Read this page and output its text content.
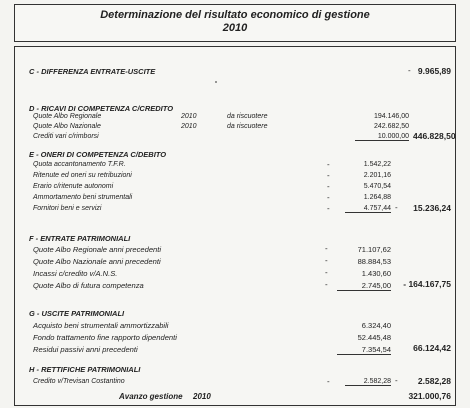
Determinazione del risultato economico di gestione
2010
C - DIFFERENZA ENTRATE-USCITE	- 9.965,89
D - RICAVI DI COMPETENZA C/CREDITO
Quote Albo Regionale	2010	da riscuotere	194.146,00
Quote Albo Nazionale	2010	da riscuotere	242.682,50
Crediti vari c/rimborsi	10.000,00 446.828,50
E - ONERI DI COMPETENZA C/DEBITO
Quota accantonamento T.F.R.	-	1.542,22
Ritenute ed oneri su retribuzioni	-	2.201,16
Erario c/ritenute autonomi	-	5.470,54
Ammortamento beni strumentali	-	1.264,88
Fornitori beni e servizi	-	4.757,44 -	15.236,24
F - ENTRATE PATRIMONIALI
Quote Albo Regionale anni precedenti	-	71.107,62
Quote Albo Nazionale anni precedenti	-	88.884,53
Incassi c/credito v/A.N.S.	-	1.430,60
Quote Albo di futura competenza	-	2.745,00	- 164.167,75
G - USCITE PATRIMONIALI
Acquisto beni strumentali ammortizzabili	6.324,40
Fondo trattamento fine rapporto dipendenti	52.445,48
Residui passivi anni precedenti	7.354,54	66.124,42
H - RETTIFICHE PATRIMONIALI
Credito v/Trevisan Costantino	-	2.582,28 -	2.582,28
Avanzo gestione 2010	321.000,76
